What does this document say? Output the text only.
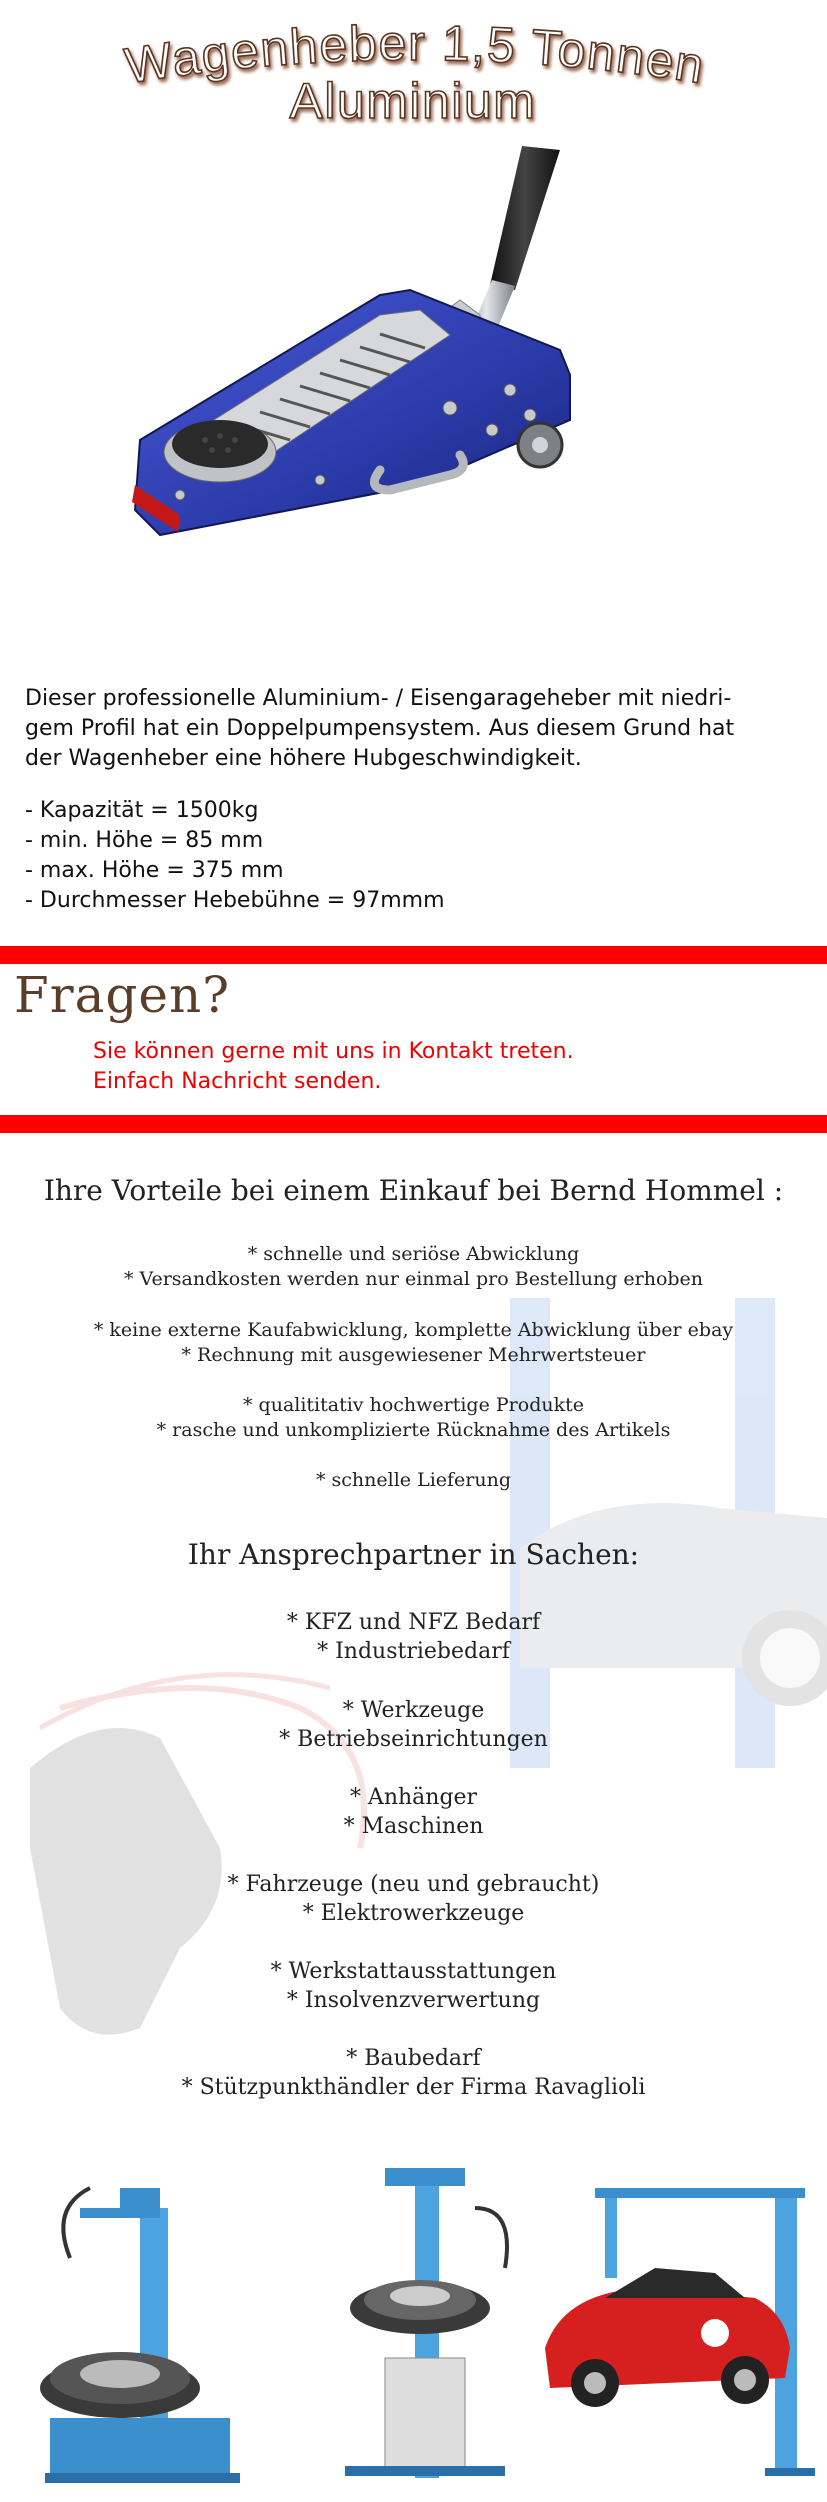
Wagenheber 1,5 Tonnen
Aluminium

Dieser professionelle Aluminium- / Eisengarageheber mit niedri-

gem Profil hat ein Doppelpumpensystem. Aus diesem Grund hat

der Wagenheber eine höhere Hubgeschwindigkeit.

- Kapazität = 1500kg
- min. Höhe = 85 mm
- max. Höhe = 375 mm
- Durchmesser Hebebühne = 97mmm
Fragen?
Sie können gerne mit uns in Kontakt treten.
Einfach Nachricht senden.
Ihre Vorteile bei einem Einkauf bei Bernd Hommel :
* schnelle und seriöse Abwicklung
* Versandkosten werden nur einmal pro Bestellung erhoben
* keine externe Kaufabwicklung, komplette Abwicklung über ebay
* Rechnung mit ausgewiesener Mehrwertsteuer
* qualititativ hochwertige Produkte
* rasche und unkomplizierte Rücknahme des Artikels
* schnelle Lieferung
Ihr Ansprechpartner in Sachen:
* KFZ und NFZ Bedarf
* Industriebedarf
* Werkzeuge
* Betriebseinrichtungen
* Anhänger
* Maschinen
* Fahrzeuge (neu und gebraucht)
* Elektrowerkzeuge
* Werkstattausstattungen
* Insolvenzverwertung
* Baubedarf
* Stützpunkthändler der Firma Ravaglioli
